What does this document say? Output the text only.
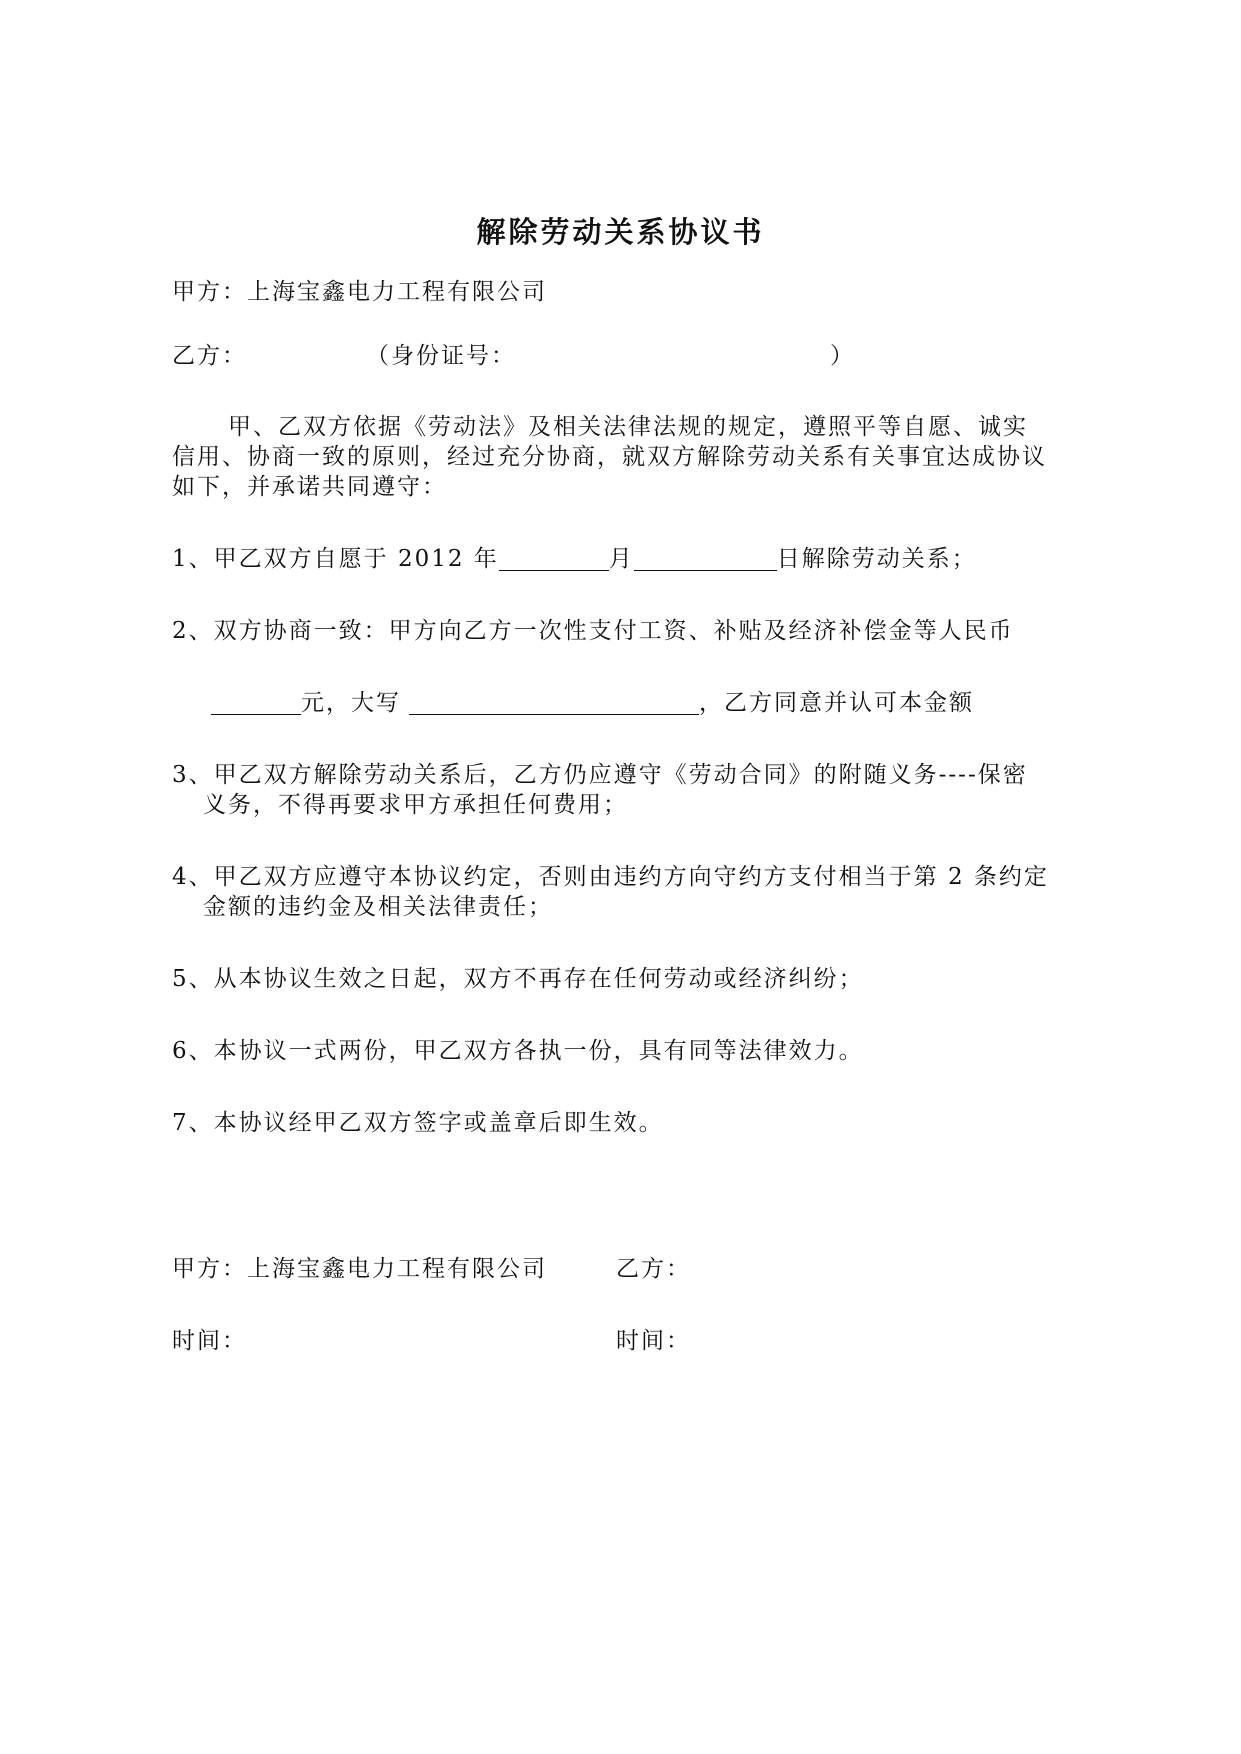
解除劳动关系协议书
甲方：上海宝鑫电力工程有限公司
乙方：	（身份证号：	）
甲、乙双方依据《劳动法》及相关法律法规的规定，遵照平等自愿、诚实
信用、协商一致的原则，经过充分协商，就双方解除劳动关系有关事宜达成协议
如下，并承诺共同遵守：
1、甲乙双方自愿于 2012 年	月	日解除劳动关系；
2、双方协商一致：甲方向乙方一次性支付工资、补贴及经济补偿金等人民币
元，大写	，乙方同意并认可本金额
3、甲乙双方解除劳动关系后，乙方仍应遵守《劳动合同》的附随义务----保密
义务，不得再要求甲方承担任何费用；
4、甲乙双方应遵守本协议约定，否则由违约方向守约方支付相当于第 2 条约定
金额的违约金及相关法律责任；
5、从本协议生效之日起，双方不再存在任何劳动或经济纠纷；
6、本协议一式两份，甲乙双方各执一份，具有同等法律效力。
7、本协议经甲乙双方签字或盖章后即生效。
甲方：上海宝鑫电力工程有限公司	乙方：
时间：	时间：
